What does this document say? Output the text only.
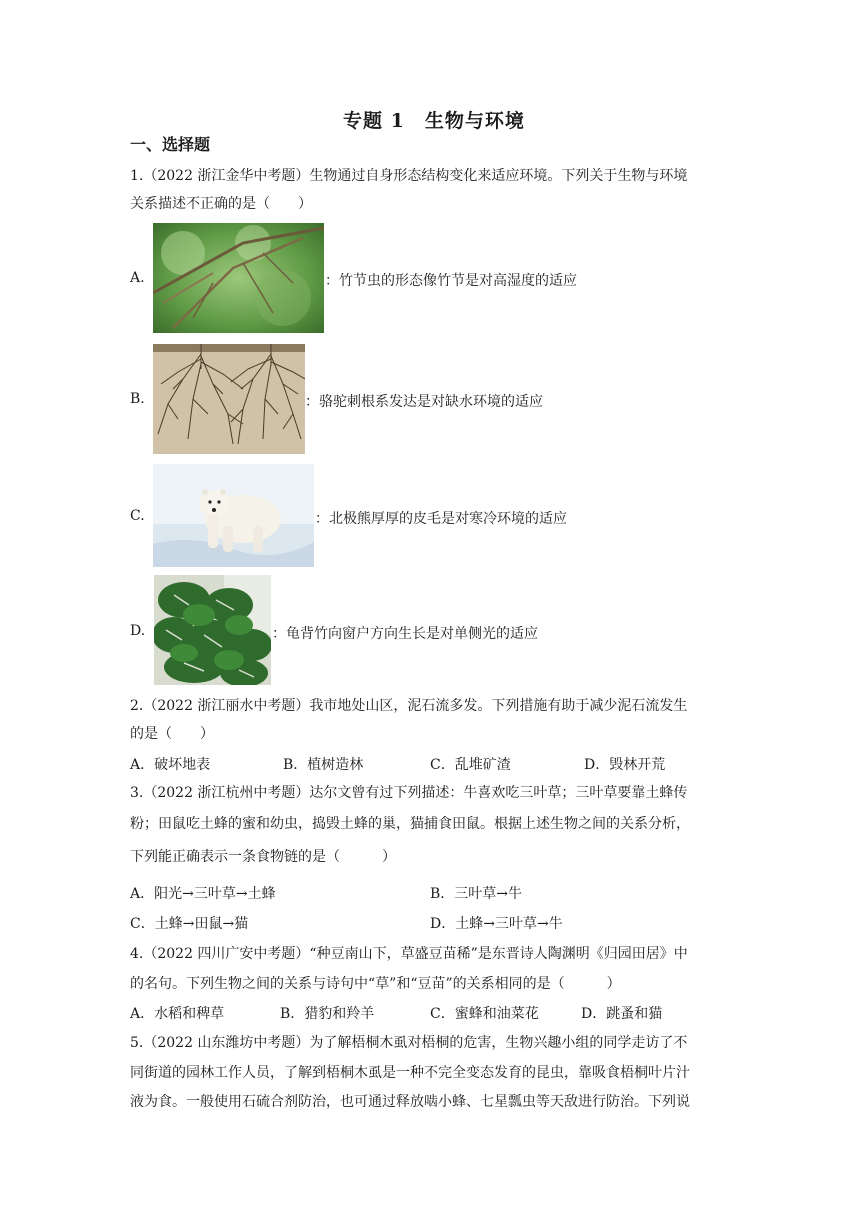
专题 1　生物与环境
一、选择题
1.（2022 浙江金华中考题）生物通过自身形态结构变化来适应环境。下列关于生物与环境
关系描述不正确的是（　　）
A.	：竹节虫的形态像竹节是对高湿度的适应
B.	：骆驼刺根系发达是对缺水环境的适应
C.	：北极熊厚厚的皮毛是对寒冷环境的适应
D.	：龟背竹向窗户方向生长是对单侧光的适应
2.（2022 浙江丽水中考题）我市地处山区，泥石流多发。下列措施有助于减少泥石流发生
的是（　　）
A．破坏地表	B．植树造林	C．乱堆矿渣	D．毁林开荒
3.（2022 浙江杭州中考题）达尔文曾有过下列描述：牛喜欢吃三叶草；三叶草要靠土蜂传
粉；田鼠吃土蜂的蜜和幼虫，捣毁土蜂的巢，猫捕食田鼠。根据上述生物之间的关系分析，
下列能正确表示一条食物链的是（　　　）
A．阳光→三叶草→土蜂	B．三叶草→牛
C．土蜂→田鼠→猫	D．土蜂→三叶草→牛
4.（2022 四川广安中考题）“种豆南山下，草盛豆苗稀”是东晋诗人陶渊明《归园田居》中
的名句。下列生物之间的关系与诗句中“草”和“豆苗”的关系相同的是（　　　）
A．水稻和稗草	B．猎豹和羚羊	C．蜜蜂和油菜花	D．跳蚤和猫
5.（2022 山东潍坊中考题）为了解梧桐木虱对梧桐的危害，生物兴趣小组的同学走访了不
同街道的园林工作人员，了解到梧桐木虱是一种不完全变态发育的昆虫，靠吸食梧桐叶片汁
液为食。一般使用石硫合剂防治，也可通过释放啮小蜂、七星瓢虫等天敌进行防治。下列说
